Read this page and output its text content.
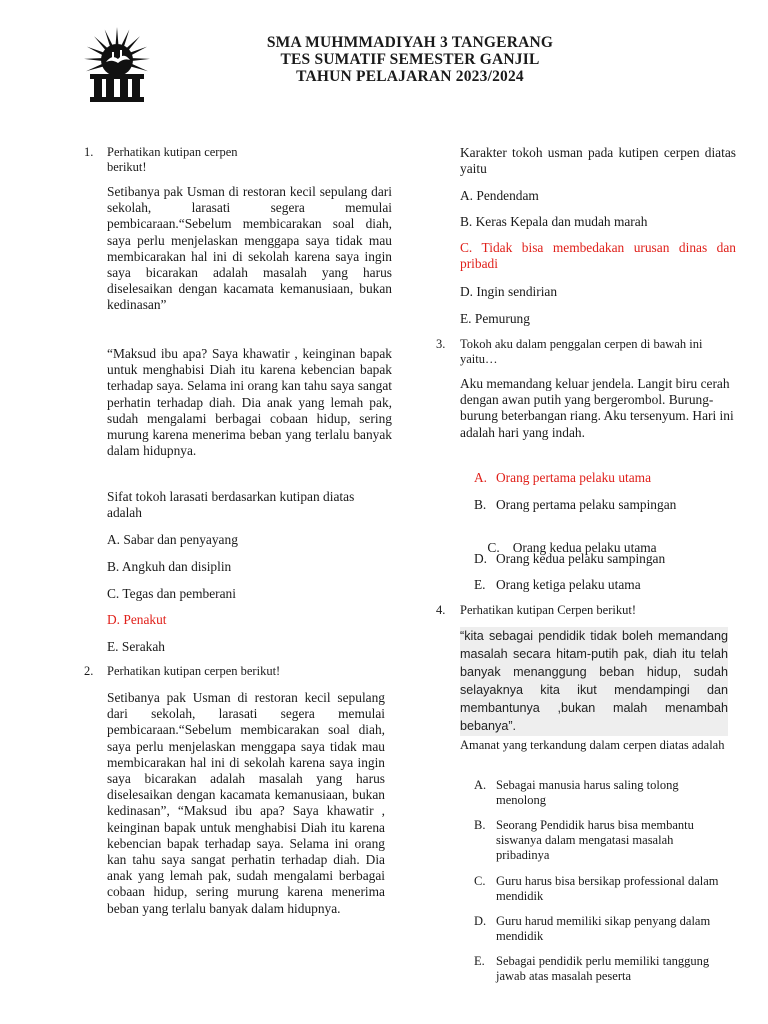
SMA MUHMMADIYAH 3 TANGERANG
TES SUMATIF SEMESTER GANJIL
TAHUN PELAJARAN 2023/2024
1. Perhatikan kutipan cerpen
berikut!
Setibanya pak Usman di restoran kecil sepulang dari sekolah, larasati segera memulai pembicaraan.“Sebelum membicarakan soal diah, saya perlu menjelaskan menggapa saya tidak mau membicarakan hal ini di sekolah karena saya ingin saya bicarakan adalah masalah yang harus diselesaikan dengan kacamata kemanusiaan, bukan kedinasan”
“Maksud ibu apa? Saya khawatir , keinginan bapak untuk menghabisi Diah itu karena kebencian bapak terhadap saya. Selama ini orang kan tahu saya sangat perhatin terhadap diah. Dia anak yang lemah pak, sudah mengalami berbagai cobaan hidup, sering murung karena menerima beban yang terlalu banyak dalam hidupnya.
Sifat tokoh larasati berdasarkan kutipan diatas adalah
A. Sabar dan penyayang
B. Angkuh dan disiplin
C. Tegas dan pemberani
D. Penakut
E. Serakah
2. Perhatikan kutipan cerpen berikut!
Setibanya pak Usman di restoran kecil sepulang dari sekolah, larasati segera memulai pembicaraan.“Sebelum membicarakan soal diah, saya perlu menjelaskan menggapa saya tidak mau membicarakan hal ini di sekolah karena saya ingin saya bicarakan adalah masalah yang harus diselesaikan dengan kacamata kemanusiaan, bukan kedinasan”, “Maksud ibu apa? Saya khawatir , keinginan bapak untuk menghabisi Diah itu karena kebencian bapak terhadap saya. Selama ini orang kan tahu saya sangat perhatin terhadap diah. Dia anak yang lemah pak, sudah mengalami berbagai cobaan hidup, sering murung karena menerima beban yang terlalu banyak dalam hidupnya.
Karakter tokoh usman pada kutipen cerpen diatas yaitu
A. Pendendam
B. Keras Kepala dan mudah marah
C. Tidak bisa membedakan urusan dinas dan pribadi
D. Ingin sendirian
E. Pemurung
3. Tokoh aku dalam penggalan cerpen di bawah ini yaitu…
Aku memandang keluar jendela. Langit biru cerah dengan awan putih yang bergerombol. Burung-burung beterbangan riang. Aku tersenyum. Hari ini adalah hari yang indah.
A. Orang pertama pelaku utama
B. Orang pertama pelaku sampingan

C. Orang kedua pelaku utama

D. Orang kedua pelaku sampingan
E. Orang ketiga pelaku utama
4. Perhatikan kutipan Cerpen berikut!
“kita sebagai pendidik tidak boleh memandang masalah secara hitam-putih pak, diah itu telah banyak menanggung beban hidup, sudah selayaknya kita ikut mendampingi dan membantunya ,bukan malah menambah bebanya”.
Amanat yang terkandung dalam cerpen diatas adalah
A. Sebagai manusia harus saling tolong menolong
B. Seorang Pendidik harus bisa membantu siswanya dalam mengatasi masalah pribadinya
C. Guru harus bisa bersikap professional dalam mendidik
D. Guru harud memiliki sikap penyang dalam mendidik
E. Sebagai pendidik perlu memiliki tanggung jawab atas masalah peserta
